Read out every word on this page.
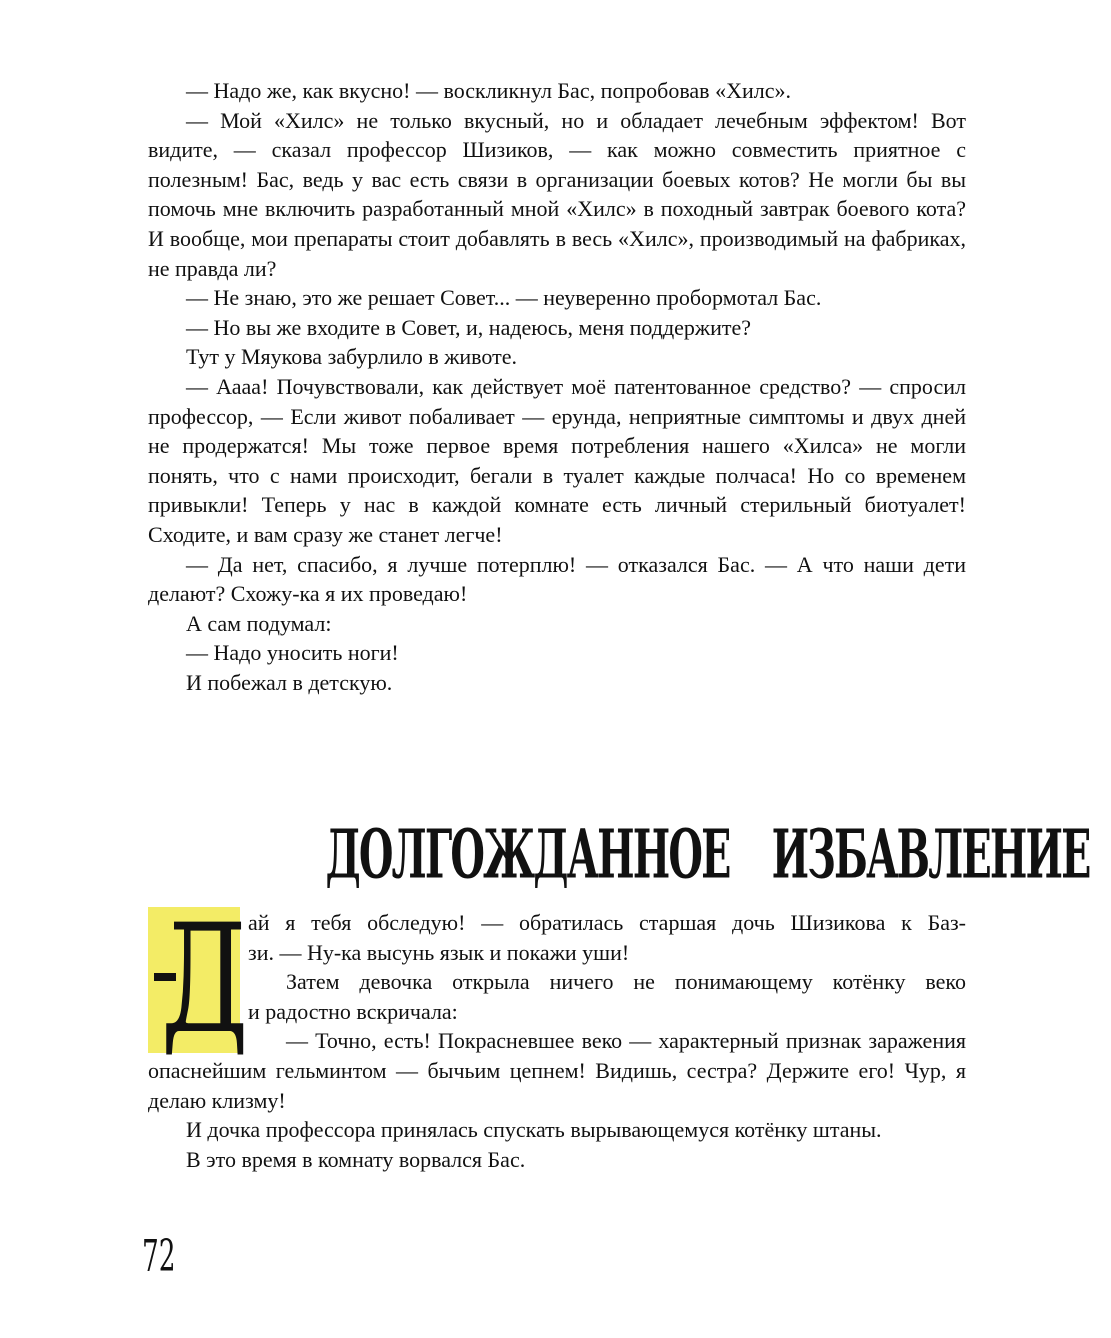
— Надо же, как вкусно! — воскликнул Бас, попробовав «Хилс».

— Мой «Хилс» не только вкусный, но и обладает лечебным эффектом! Вот видите, — сказал профессор Шизиков, — как можно совместить приятное с полезным! Бас, ведь у вас есть связи в организации боевых котов? Не могли бы вы помочь мне включить разработанный мной «Хилс» в походный завтрак боевого кота? И вообще, мои препараты стоит добавлять в весь «Хилс», производимый на фабриках, не правда ли?

— Не знаю, это же решает Совет... — неуверенно пробормотал Бас.

— Но вы же входите в Совет, и, надеюсь, меня поддержите?

Тут у Мяукова забурлило в животе.

— Аааа! Почувствовали, как действует моё патентованное средство? — спросил профессор, — Если живот побаливает — ерунда, неприятные симптомы и двух дней не продержатся! Мы тоже первое время потребления нашего «Хилса» не могли понять, что с нами происходит, бегали в туалет каждые полчаса! Но со временем привыкли! Теперь у нас в каждой комнате есть личный стерильный биотуалет! Сходите, и вам сразу же станет легче!

— Да нет, спасибо, я лучше потерплю! — отказался Бас. — А что наши дети делают? Схожу-ка я их проведаю!

А сам подумал:

— Надо уносить ноги!

И побежал в детскую.

ДОЛГОЖДАННОЕ ИЗБАВЛЕНИЕ
Д ай я тебя обследую! — обратилась старшая дочь Шизикова к Баз-

зи. — Ну-ка высунь язык и покажи уши!

Затем девочка открыла ничего не понимающему котёнку веко

и радостно вскричала:

— Точно, есть! Покрасневшее веко — характерный признак заражения опаснейшим гельминтом — бычьим цепнем! Видишь, сестра? Держите его! Чур, я делаю клизму!

И дочка профессора принялась спускать вырывающемуся котёнку штаны.

В это время в комнату ворвался Бас.

72
